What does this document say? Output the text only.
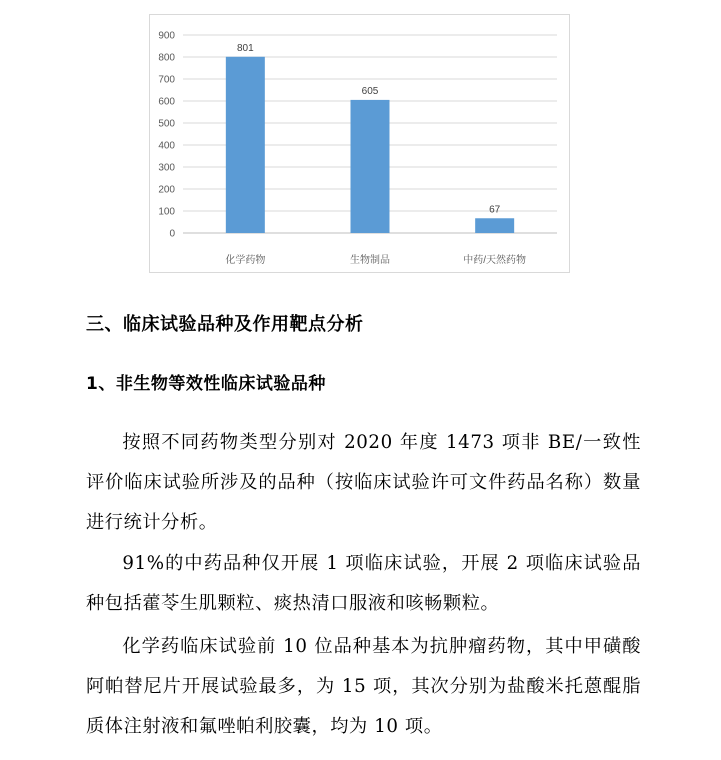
0
100
200
300
400
500
600
700
800
900
801
化学药物
605
生物制品
67
中药/天然药物
三、临床试验品种及作用靶点分析
1、非生物等效性临床试验品种

按照不同药物类型分别对 2020 年度 1473 项非 BE/一致性评价临床试验所涉及的品种（按临床试验许可文件药品名称）数量进行统计分析。

91%的中药品种仅开展 1 项临床试验，开展 2 项临床试验品种包括藿苓生肌颗粒、痰热清口服液和咳畅颗粒。

化学药临床试验前 10 位品种基本为抗肿瘤药物，其中甲磺酸阿帕替尼片开展试验最多，为 15 项，其次分别为盐酸米托蒽醌脂质体注射液和氟唑帕利胶囊，均为 10 项。
